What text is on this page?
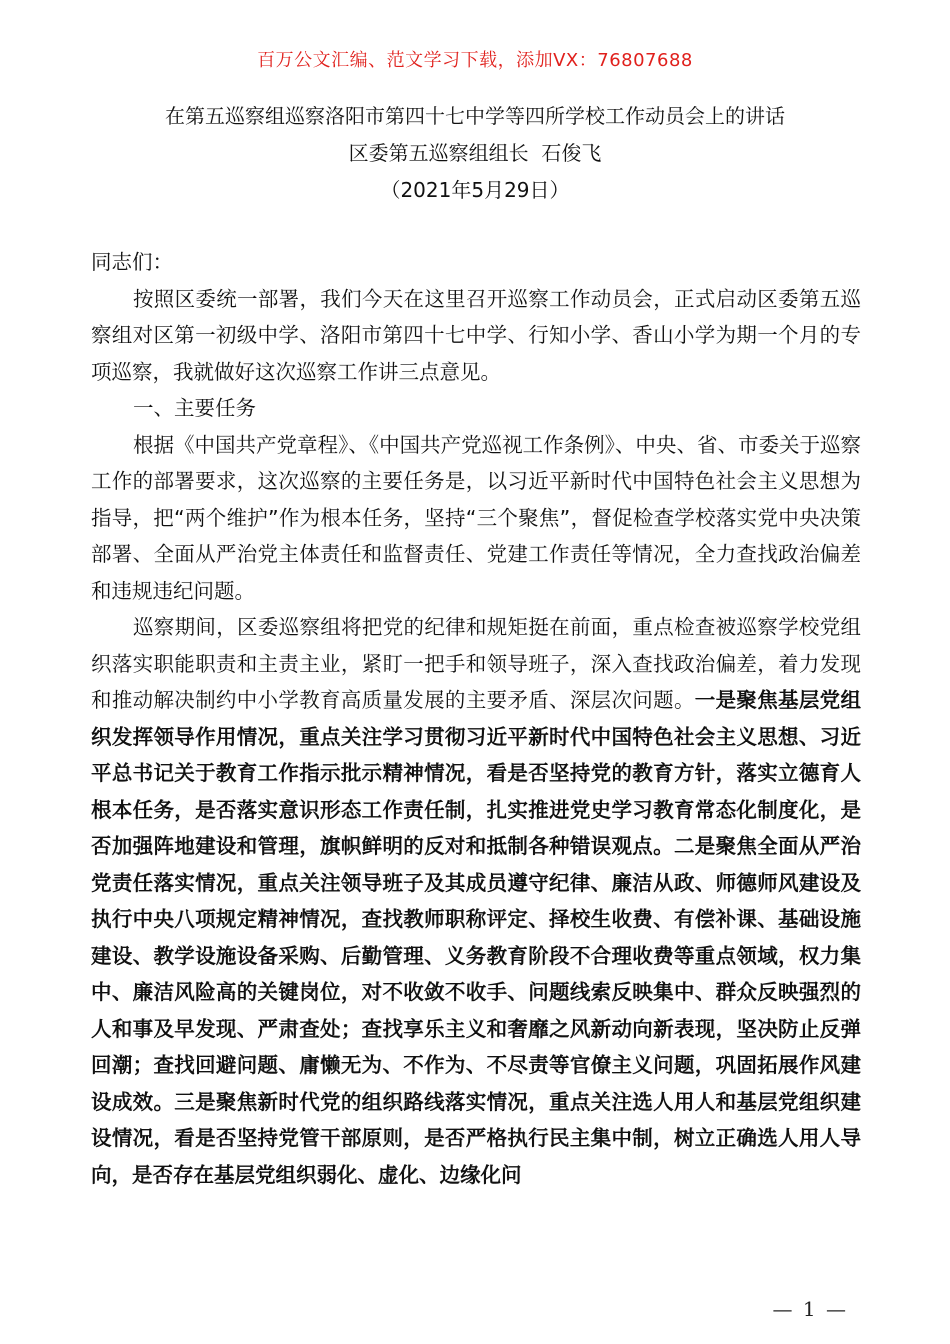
百万公文汇编、范文学习下载，添加VX：76807688
在第五巡察组巡察洛阳市第四十七中学等四所学校工作动员会上的讲话
区委第五巡察组组长  石俊飞
（2021年5月29日）

同志们：

按照区委统一部署，我们今天在这里召开巡察工作动员会，正式启动区委第五巡察组对区第一初级中学、洛阳市第四十七中学、行知小学、香山小学为期一个月的专项巡察，我就做好这次巡察工作讲三点意见。

一、主要任务

根据《中国共产党章程》、《中国共产党巡视工作条例》、中央、省、市委关于巡察工作的部署要求，这次巡察的主要任务是，以习近平新时代中国特色社会主义思想为指导，把“两个维护”作为根本任务，坚持“三个聚焦”，督促检查学校落实党中央决策部署、全面从严治党主体责任和监督责任、党建工作责任等情况，全力查找政治偏差和违规违纪问题。

巡察期间，区委巡察组将把党的纪律和规矩挺在前面，重点检查被巡察学校党组织落实职能职责和主责主业，紧盯一把手和领导班子，深入查找政治偏差，着力发现和推动解决制约中小学教育高质量发展的主要矛盾、深层次问题。一是聚焦基层党组织发挥领导作用情况，重点关注学习贯彻习近平新时代中国特色社会主义思想、习近平总书记关于教育工作指示批示精神情况，看是否坚持党的教育方针，落实立德育人根本任务，是否落实意识形态工作责任制，扎实推进党史学习教育常态化制度化，是否加强阵地建设和管理，旗帜鲜明的反对和抵制各种错误观点。二是聚焦全面从严治党责任落实情况，重点关注领导班子及其成员遵守纪律、廉洁从政、师德师风建设及执行中央八项规定精神情况，查找教师职称评定、择校生收费、有偿补课、基础设施建设、教学设施设备采购、后勤管理、义务教育阶段不合理收费等重点领域，权力集中、廉洁风险高的关键岗位，对不收敛不收手、问题线索反映集中、群众反映强烈的人和事及早发现、严肃查处；查找享乐主义和奢靡之风新动向新表现，坚决防止反弹回潮；查找回避问题、庸懒无为、不作为、不尽责等官僚主义问题，巩固拓展作风建设成效。三是聚焦新时代党的组织路线落实情况，重点关注选人用人和基层党组织建设情况，看是否坚持党管干部原则，是否严格执行民主集中制，树立正确选人用人导向，是否存在基层党组织弱化、虚化、边缘化问

— 1 —
